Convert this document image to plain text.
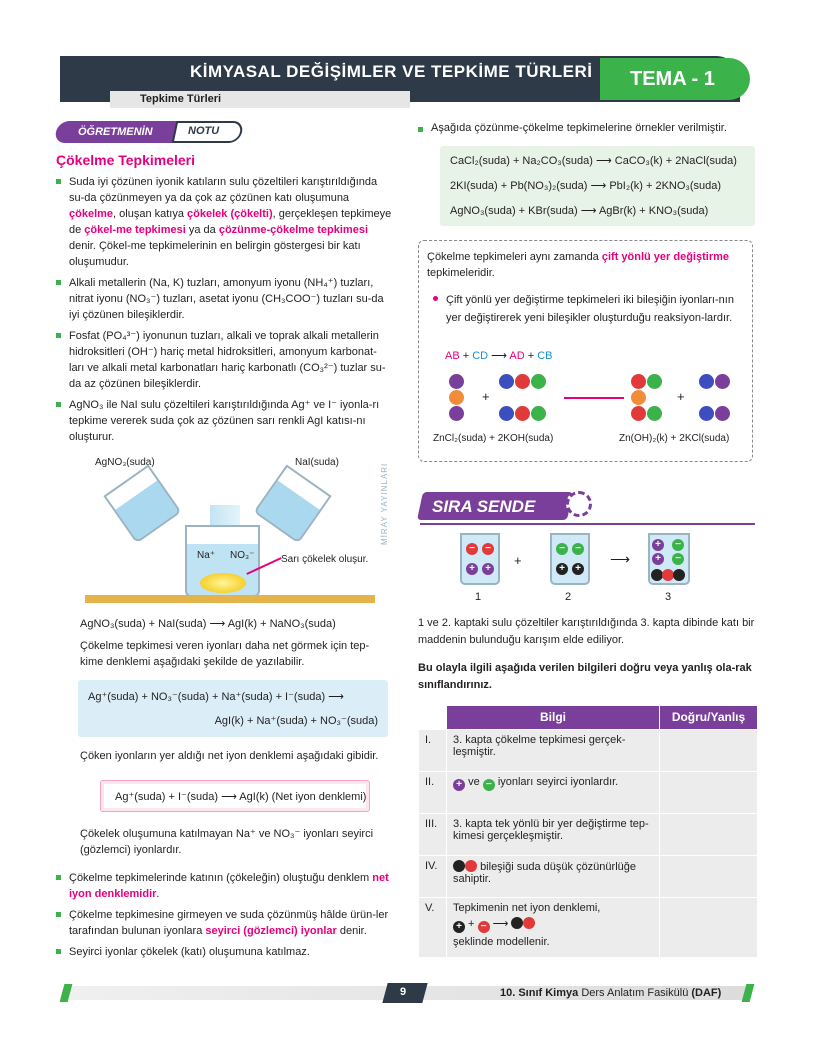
KİMYASAL DEĞİŞİMLER VE TEPKİME TÜRLERİ TEMA - 1
Tepkime Türleri
ÖĞRETMENİN	NOTU
Çökelme Tepkimeleri
Suda iyi çözünen iyonik katıların sulu çözeltileri karıştırıldığında su-da çözünmeyen ya da çok az çözünen katı oluşumuna çökelme, oluşan katıya çökelek (çökelti), gerçekleşen tepkimeye de çökel-me tepkimesi ya da çözünme-çökelme tepkimesi denir. Çökel-me tepkimelerinin en belirgin göstergesi bir katı oluşumudur.
Alkali metallerin (Na, K) tuzları, amonyum iyonu (NH₄⁺) tuzları, nitrat iyonu (NO₃⁻) tuzları, asetat iyonu (CH₃COO⁻) tuzları su-da iyi çözünen bileşiklerdir.
Fosfat (PO₄³⁻) iyonunun tuzları, alkali ve toprak alkali metallerin hidroksitleri (OH⁻) hariç metal hidroksitleri, amonyum karbonat-ları ve alkali metal karbonatları hariç karbonatlı (CO₃²⁻) tuzlar su-da az çözünen bileşiklerdir.
AgNO₃ ile NaI sulu çözeltileri karıştırıldığında Ag⁺ ve I⁻ iyonla-rı tepkime vererek suda çok az çözünen sarı renkli AgI katısı-nı oluşturur.
AgNO₃(suda)	NaI(suda)
Na⁺ NO₃⁻	Sarı çökelek oluşur.
AgNO₃(suda) + NaI(suda) ⟶ AgI(k) + NaNO₃(suda)
Çökelme tepkimesi veren iyonları daha net görmek için tep-kime denklemi aşağıdaki şekilde de yazılabilir.
Ag⁺(suda) + NO₃⁻(suda) + Na⁺(suda) + I⁻(suda) ⟶
AgI(k) + Na⁺(suda) + NO₃⁻(suda)
Çöken iyonların yer aldığı net iyon denklemi aşağıdaki gibidir.
Ag⁺(suda) + I⁻(suda) ⟶ AgI(k) (Net iyon denklemi)
Çökelek oluşumuna katılmayan Na⁺ ve NO₃⁻ iyonları seyirci (gözlemci) iyonlardır.
Çökelme tepkimelerinde katının (çökeleğin) oluştuğu denklem net iyon denklemidir.
Çökelme tepkimesine girmeyen ve suda çözünmüş hâlde ürün-ler tarafından bulunan iyonlara seyirci (gözlemci) iyonlar denir.
Seyirci iyonlar çökelek (katı) oluşumuna katılmaz.
MİRAY YAYINLARI
Aşağıda çözünme-çökelme tepkimelerine örnekler verilmiştir.
CaCl₂(suda) + Na₂CO₃(suda) ⟶ CaCO₃(k) + 2NaCl(suda)
2KI(suda) + Pb(NO₃)₂(suda) ⟶ PbI₂(k) + 2KNO₃(suda)
AgNO₃(suda) + KBr(suda) ⟶ AgBr(k) + KNO₃(suda)
Çökelme tepkimeleri aynı zamanda çift yönlü yer değiştirme tepkimeleridir.
Çift yönlü yer değiştirme tepkimeleri iki bileşiğin iyonları-nın yer değiştirerek yeni bileşikler oluşturduğu reaksiyon-lardır.
AB + CD ⟶ AD + CB
+	+
ZnCl₂(suda) + 2KOH(suda)	Zn(OH)₂(k) + 2KCl(suda)
SIRA SENDE
−	−
+	+
+
−	−
+	+
⟶
+	−
+	−
1	2	3
1 ve 2. kaptaki sulu çözeltiler karıştırıldığında 3. kapta dibinde katı bir maddenin bulunduğu karışım elde ediliyor.
Bu olayla ilgili aşağıda verilen bilgileri doğru veya yanlış ola-rak sınıflandırınız.
	Bilgi	Doğru/Yanlış
I.	3. kapta çökelme tepkimesi gerçek-leşmiştir.	
II.	+ ve − iyonları seyirci iyonlardır.	
III.	3. kapta tek yönlü bir yer değiştirme tep-kimesi gerçekleşmiştir.	
IV.	bileşiği suda düşük çözünürlüğe sahiptir.	
V.	Tepkimenin net iyon denklemi,
+ + − ⟶
şeklinde modellenir.	

9	10. Sınıf Kimya Ders Anlatım Fasikülü (DAF)
